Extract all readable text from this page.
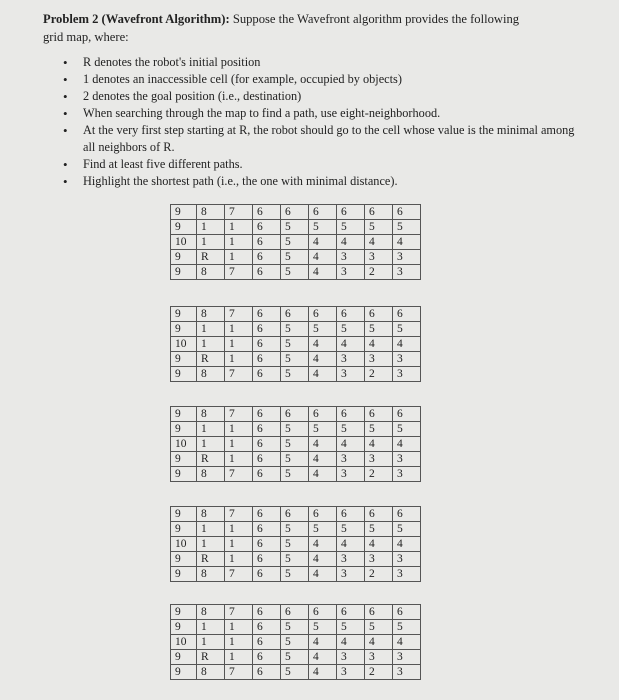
Problem 2 (Wavefront Algorithm): Suppose the Wavefront algorithm provides the following
grid map, where:
• R denotes the robot's initial position
• 1 denotes an inaccessible cell (for example, occupied by objects)
• 2 denotes the goal position (i.e., destination)
• When searching through the map to find a path, use eight-neighborhood.
• At the very first step starting at R, the robot should go to the cell whose value is the minimal among all neighbors of R.
• Find at least five different paths.
• Highlight the shortest path (i.e., the one with minimal distance).
9	8	7	6	6	6	6	6	6
9	1	1	6	5	5	5	5	5
10	1	1	6	5	4	4	4	4
9	R	1	6	5	4	3	3	3
9	8	7	6	5	4	3	2	3
9	8	7	6	6	6	6	6	6
9	1	1	6	5	5	5	5	5
10	1	1	6	5	4	4	4	4
9	R	1	6	5	4	3	3	3
9	8	7	6	5	4	3	2	3
9	8	7	6	6	6	6	6	6
9	1	1	6	5	5	5	5	5
10	1	1	6	5	4	4	4	4
9	R	1	6	5	4	3	3	3
9	8	7	6	5	4	3	2	3
9	8	7	6	6	6	6	6	6
9	1	1	6	5	5	5	5	5
10	1	1	6	5	4	4	4	4
9	R	1	6	5	4	3	3	3
9	8	7	6	5	4	3	2	3
9	8	7	6	6	6	6	6	6
9	1	1	6	5	5	5	5	5
10	1	1	6	5	4	4	4	4
9	R	1	6	5	4	3	3	3
9	8	7	6	5	4	3	2	3
